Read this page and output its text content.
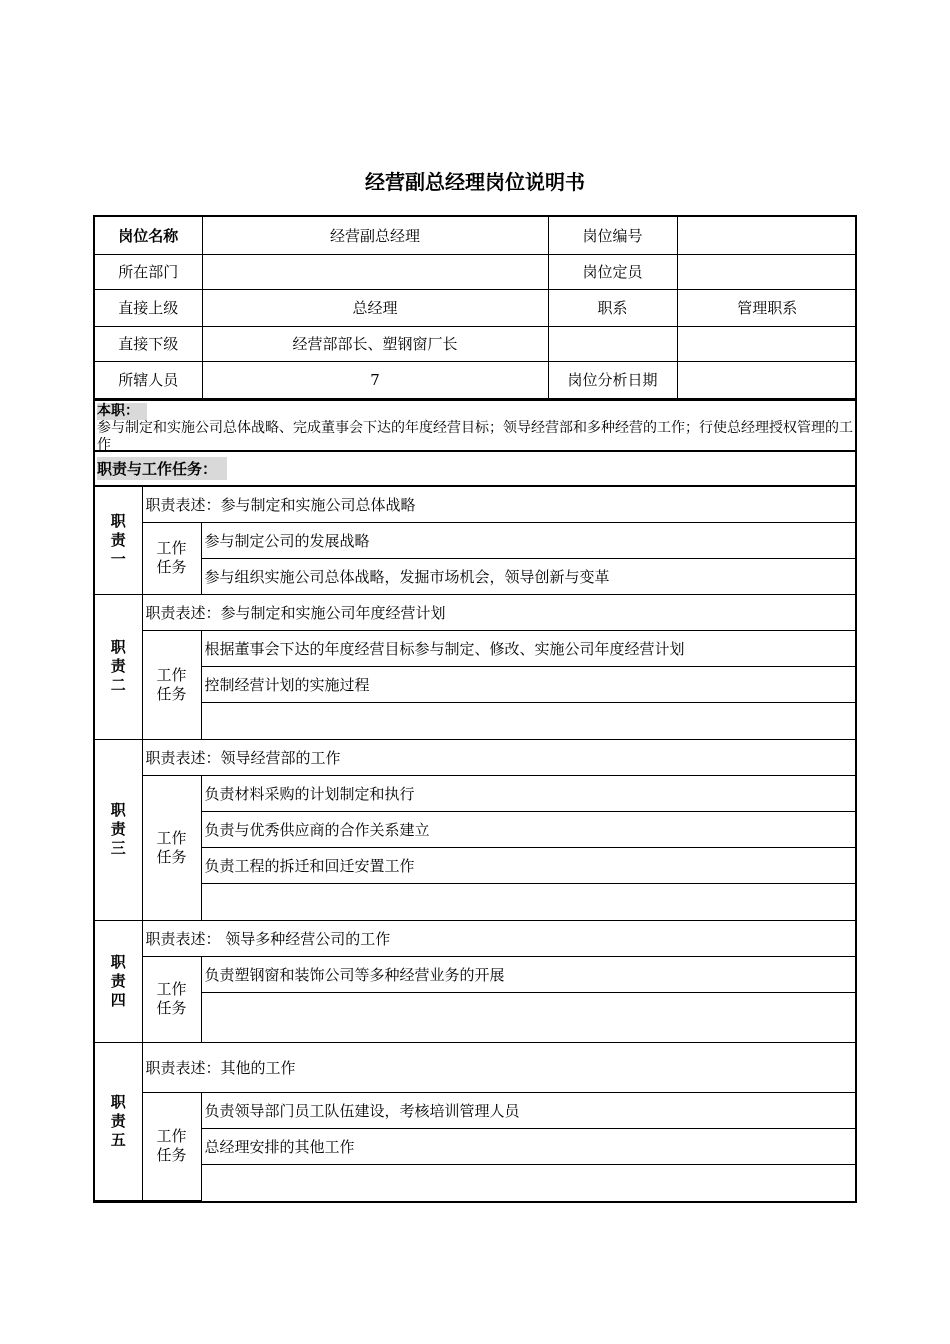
经营副总经理岗位说明书
岗位名称	经营副总经理	岗位编号	
所在部门		岗位定员	
直接上级	总经理	职系	管理职系
直接下级	经营部部长、塑钢窗厂长		
所辖人员	7	岗位分析日期	
本职：
参与制定和实施公司总体战略、完成董事会下达的年度经营目标；领导经营部和多种经营的工作；行使总经理授权管理的工作
职责与工作任务：
职
责
一	职责表述：参与制定和实施公司总体战略	
	工作
任务	参与制定公司的发展战略
		参与组织实施公司总体战略，发掘市场机会，领导创新与变革
职
责
二	职责表述：参与制定和实施公司年度经营计划	
	工作
任务	根据董事会下达的年度经营目标参与制定、修改、实施公司年度经营计划
		控制经营计划的实施过程

职
责
三	职责表述：领导经营部的工作	
	工作
任务	负责材料采购的计划制定和执行
		负责与优秀供应商的合作关系建立
		负责工程的拆迁和回迁安置工作

职
责
四	职责表述： 领导多种经营公司的工作	
	工作
任务	负责塑钢窗和装饰公司等多种经营业务的开展

职
责
五	职责表述：其他的工作	
	工作
任务	负责领导部门员工队伍建设，考核培训管理人员
		总经理安排的其他工作
